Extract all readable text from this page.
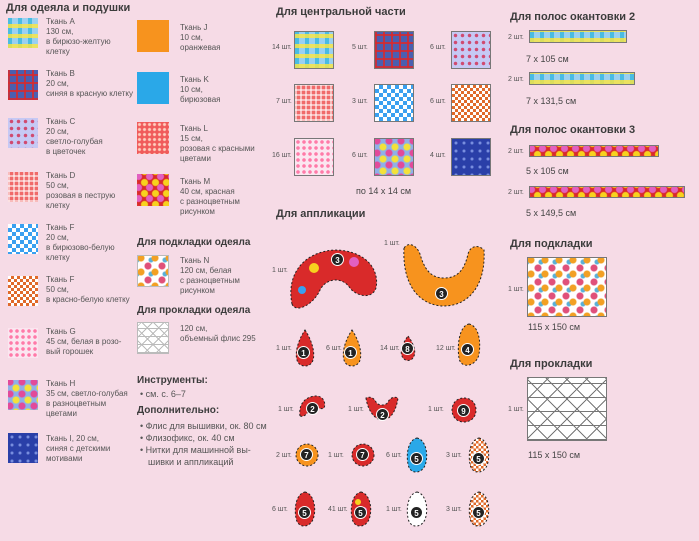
Для одеяла и подушки
Ткань A
130 см,
в бирюзо-желтую
клетку
Ткань B
20 см,
синяя в красную клетку
Ткань C
20 см,
светло-голубая
в цветочек
Ткань D
50 см,
розовая в пеструю
клетку
Ткань F
20 см,
в бирюзово-белую
клетку
Ткань F
50 см,
в красно-белую клетку
Ткань G
45 см, белая в розо-
вый горошек
Ткань H
35 см, светло-голубая
в разноцветным
цветами
Ткань I, 20 см,
синяя с детскими
мотивами
Ткань J
10 см,
оранжевая
Ткань K
10 см,
бирюзовая
Ткань L
15 см,
розовая с красными
цветами
Ткань M
40 см, красная
с разноцветным
рисунком
Для подкладки одеяла
Ткань N
120 см, белая
с разноцветным
рисунком
Для прокладки одеяла
120 см,
объемный флис 295
Инструменты:
• см. с. 6–7
Дополнительно:
• Флис для вышивки, ок. 80 см
• Флизофикс, ок. 40 см
• Нитки для машинной вы-
шивки и аппликаций
Для центральной части
14 шт.	5 шт.	6 шт.
7 шт.	3 шт.	6 шт.
16 шт.	6 шт.	4 шт.
по 14 x 14 см
Для аппликации
1 шт.
3
1 шт.
3
1 шт.
1
6 шт.
1
14 шт. 8	12 шт.	4
1 шт.	2	1 шт.
2
1 шт.	9
2 шт.	7	1 шт.	7	6 шт.	5	3 шт.	5
6 шт.	5	41 шт.	5	1 шт.	5	3 шт.	5
Для полос окантовки 2
2 шт.
7 x 105 см
2 шт.
7 x 131,5 см
Для полос окантовки 3
2 шт.
5 x 105 см
2 шт.
5 x 149,5 см
Для подкладки
1 шт.
115 x 150 см
Для прокладки
1 шт.
115 x 150 см
